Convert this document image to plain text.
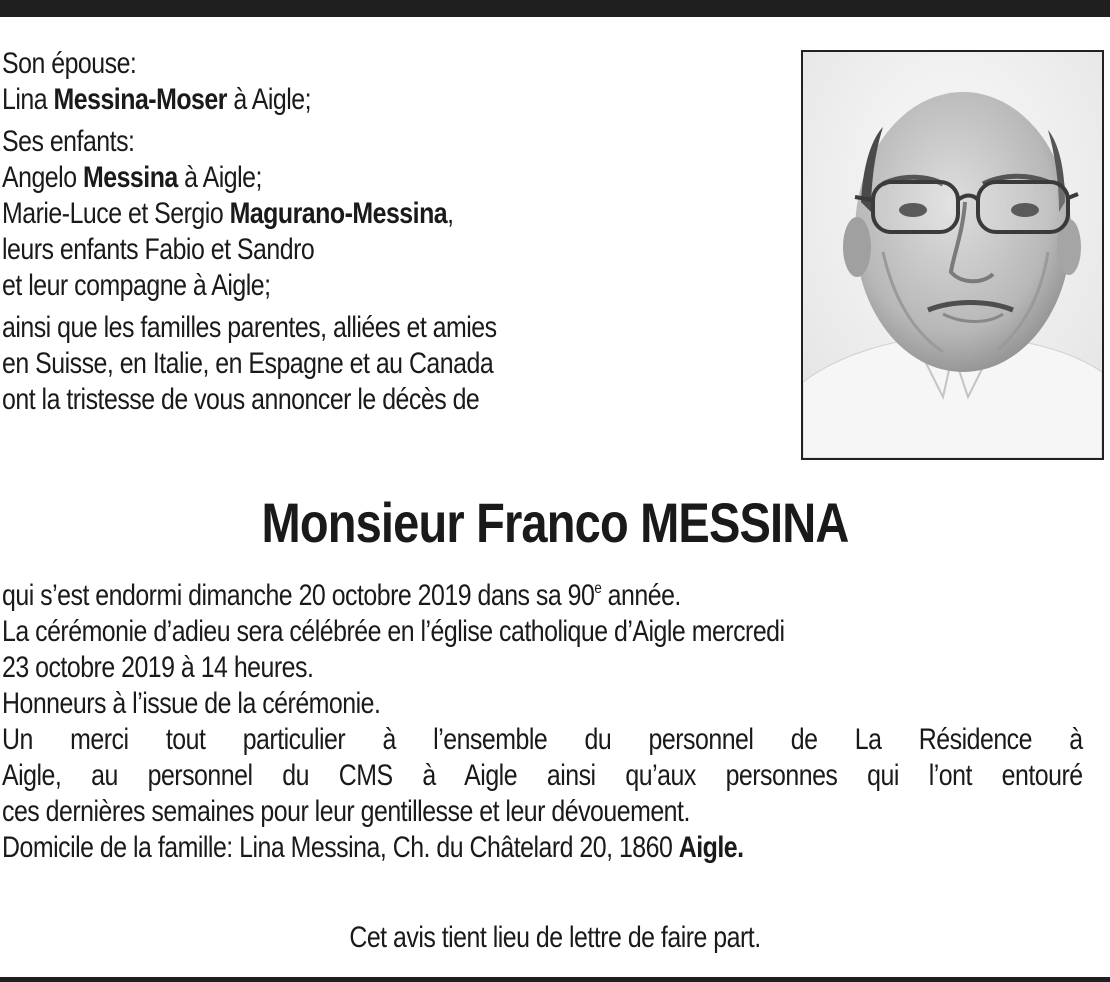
Son épouse:
Lina Messina-Moser à Aigle;
Ses enfants:
Angelo Messina à Aigle;
Marie-Luce et Sergio Magurano-Messina,
leurs enfants Fabio et Sandro
et leur compagne à Aigle;
ainsi que les familles parentes, alliées et amies
en Suisse, en Italie, en Espagne et au Canada
ont la tristesse de vous annoncer le décès de
Monsieur Franco MESSINA
qui s’est endormi dimanche 20 octobre 2019 dans sa 90e année.
La cérémonie d’adieu sera célébrée en l’église catholique d’Aigle mercredi
23 octobre 2019 à 14 heures.
Honneurs à l’issue de la cérémonie.
Un merci tout particulier à l’ensemble du personnel de La Résidence à
Aigle, au personnel du CMS à Aigle ainsi qu’aux personnes qui l’ont entouré
ces dernières semaines pour leur gentillesse et leur dévouement.
Domicile de la famille: Lina Messina, Ch. du Châtelard 20, 1860 Aigle.
Cet avis tient lieu de lettre de faire part.
